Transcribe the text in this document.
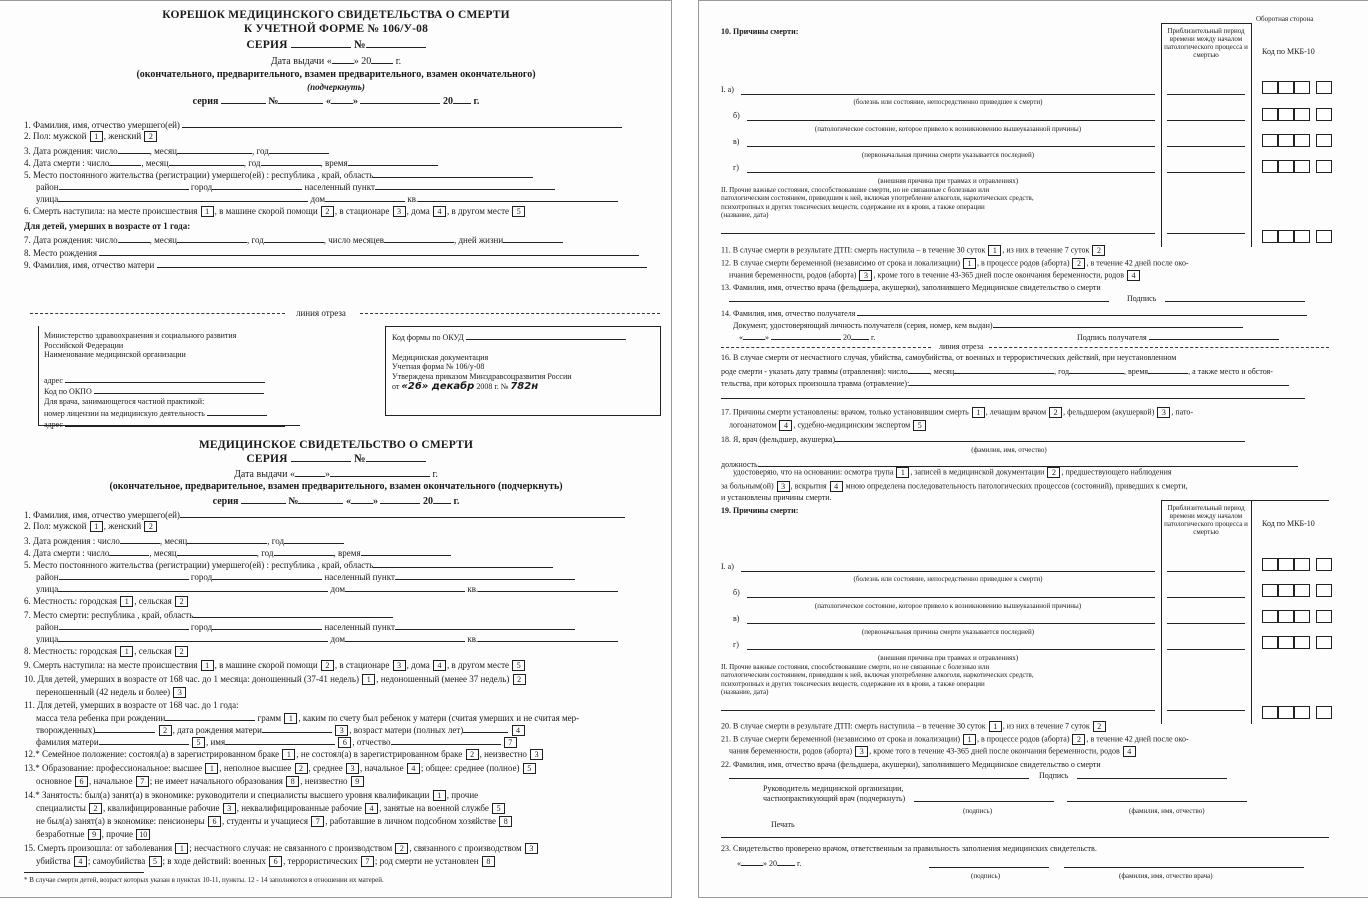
КОРЕШОК МЕДИЦИНСКОГО СВИДЕТЕЛЬСТВА О СМЕРТИ
К УЧЕТНОЙ ФОРМЕ № 106/У-08
СЕРИЯ	№
Дата выдачи « » 20 г.
(окончательного, предварительного, взамен предварительного, взамен окончательного)
(подчеркнуть)
серия	№	« »	20 г.
1. Фамилия, имя, отчество умершего(ей)
2. Пол: мужской 1 , женский 2
3. Дата рождения: число	, месяц	, год
4. Дата смерти : число	, месяц	, год	, время
5. Место постоянного жительства (регистрации) умершего(ей) : республика , край, область
район	город	населенный пункт
улица	дом	кв.
6. Смерть наступила: на месте происшествия 1 , в машине скорой помощи 2 , в стационаре 3 , дома 4 , в другом месте 5
Для детей, умерших в возрасте от 1 года:
7. Дата рождения: число	, месяц	, год	, число месяцев	, дней жизни
8. Место рождения
9. Фамилия, имя, отчество матери
линия отреза
Министерство здравоохранения и социального развития
Российской Федерации
Наименование медицинской организации
адрес
Код по ОКПО
Для врача, занимающегося частной практикой:
номер лицензии на медицинскую деятельность
адрес
Код формы по ОКУД
Медицинская документация
Учетная форма № 106/у-08
Утверждена приказом Минздравсоцразвития России
от «26» декабр 2008 г. № 782н
МЕДИЦИНСКОЕ СВИДЕТЕЛЬСТВО О СМЕРТИ
СЕРИЯ	№
Дата выдачи «	»	г.
(окончательное, предварительное, взамен предварительного, взамен окончательного (подчеркнуть)
серия	№	« »	20 г.
1. Фамилия, имя, отчество умершего(ей)
2. Пол: мужской 1 , женский 2
3. Дата рождения : число	, месяц	, год
4. Дата смерти : число	, месяц	, год	, время
5. Место постоянного жительства (регистрации) умершего(ей) : республика , край, область
район	город	населенный пункт
улица	дом	кв.
6. Местность: городская 1 , сельская 2
7. Место смерти: республика , край, область
район	город	населенный пункт
улица	дом	кв.
8. Местность: городская 1 , сельская 2
9. Смерть наступила: на месте происшествия 1 , в машине скорой помощи 2 , в стационаре 3 , дома 4 , в другом месте 5
10. Для детей, умерших в возрасте от 168 час. до 1 месяца: доношенный (37-41 недель) 1 , недоношенный (менее 37 недель) 2
переношенный (42 недель и более) 3
11. Для детей, умерших в возрасте от 168 час. до 1 года:
масса тела ребенка при рождении	грамм 1 , каким по счету был ребенок у матери (считая умерших и не считая мер-
творожденных)	2 , дата рождения матери	3 , возраст матери (полных лет)	4
фамилия матери	5 , имя	6 , отчество	7
12.* Семейное положение: состоял(а) в зарегистрированном браке 1 , не состоял(а) в зарегистрированном браке 2 , неизвестно 3
13.* Образование: профессиональное: высшее 1 , неполное высшее 2 , среднее 3 , начальное 4 ; общее: среднее (полное) 5
основное 6 , начальное 7 ; не имеет начального образования 8 , неизвестно 9
14.* Занятость: был(а) занят(а) в экономике: руководители и специалисты высшего уровня квалификации 1 , прочие
специалисты 2 , квалифицированные рабочие 3 , неквалифицированные рабочие 4 , занятые на военной службе 5
не был(а) занят(а) в экономике: пенсионеры 6 , студенты и учащиеся 7 , работавшие в личном подсобном хозяйстве 8
безработные 9 , прочие 10
15. Смерть произошла: от заболевания 1 ; несчастного случая: не связанного с производством 2 , связанного с производством 3
убийства 4 ; самоубийства 5 ; в ходе действий: военных 6 , террористических 7 ; род смерти не установлен 8
* В случае смерти детей, возраст которых указан в пунктах 10-11, пункты. 12 - 14 заполняются в отношении их матерей.
Оборотная сторона
Приблизительный период времени между началом патологического процесса и смертью	Код по МКБ-10
10. Причины смерти:
I. а)
(болезнь или состояние, непосредственно приведшее к смерти)
б)
(патологическое состояние, которое привело к возникновению вышеуказанной причины)
в)
(первоначальная причина смерти указывается последней)
г)
(внешняя причина при травмах и отравлениях)
II. Прочие важные состояния, способствовавшие смерти, но не связанные с болезнью или
патологическим состоянием, приведшим к ней, включая употребление алкоголя, наркотических средств,
психотропных и других токсических веществ, содержание их в крови, а также операции
(название, дата)
11. В случае смерти в результате ДТП: смерть наступила – в течение 30 суток 1 , из них в течение 7 суток 2
12. В случае смерти беременной (независимо от срока и локализации) 1 , в процессе родов (аборта) 2 , в течение 42 дней после око-
нчания беременности, родов (аборта) 3 , кроме того в течение 43-365 дней после окончания беременности, родов 4
13. Фамилия, имя, отчество врача (фельдшера, акушерки), заполнившего Медицинское свидетельство о смерти
Подпись
14. Фамилия, имя, отчество получателя
Документ, удостоверяющий личность получателя (серия, номер, кем выдан)
«	»	20	г.	Подпись получателя
линия отреза
16. В случае смерти от несчастного случая, убийства, самоубийства, от военных и террористических действий, при неустановленном
роде смерти - указать дату травмы (отравления): число	, месяц	, год	, время	, а также место и обстоя-
тельства, при которых произошла травма (отравление):
17. Причины смерти установлены: врачом, только установившим смерть 1 , лечащим врачом 2 , фельдшером (акушеркой) 3 , пато-
логоанатомом 4 , судебно-медицинским экспертом 5
18. Я, врач (фельдшер, акушерка)
(фамилия, имя, отчество)
должность
удостоверяю, что на основании: осмотра трупа 1 , записей в медицинской документации 2 , предшествующего наблюдения
за больным(ой) 3 , вскрытия 4 мною определена последовательность патологических процессов (состояний), приведших к смерти,
и установлены причины смерти.
Приблизительный период времени между началом патологического процесса и смертью
Код по МКБ-10
19. Причины смерти:
I. а)
(болезнь или состояние, непосредственно приведшее к смерти)
б)
(патологическое состояние, которое привело к возникновению вышеуказанной причины)
в)
(первоначальная причина смерти указывается последней)
г)
(внешняя причина при травмах и отравлениях)
II. Прочие важные состояния, способствовавшие смерти, но не связанные с болезнью или
патологическим состоянием, приведшим к ней, включая употребление алкоголя, наркотических средств,
психотропных и других токсических веществ, содержание их в крови, а также операции
(название, дата)
20. В случае смерти в результате ДТП: смерть наступила – в течение 30 суток 1 , из них в течение 7 суток 2
21. В случае смерти беременной (независимо от срока и локализации) 1 , в процессе родов (аборта) 2 , в течение 42 дней после око-
чания беременности, родов (аборта) 3 , кроме того в течение 43-365 дней после окончания беременности, родов 4
22. Фамилия, имя, отчество врача (фельдшера, акушерки), заполнившего Медицинское свидетельство о смерти
Подпись
Руководитель медицинской организации,
частнопрактикующий врач (подчеркнуть)
(подпись)	(фамилия, имя, отчество)
Печать
23. Свидетельство проверено врачом, ответственным за правильность заполнения медицинских свидетельств.
«	» 20	г.
(подпись)	(фамилия, имя, отчество врача)
